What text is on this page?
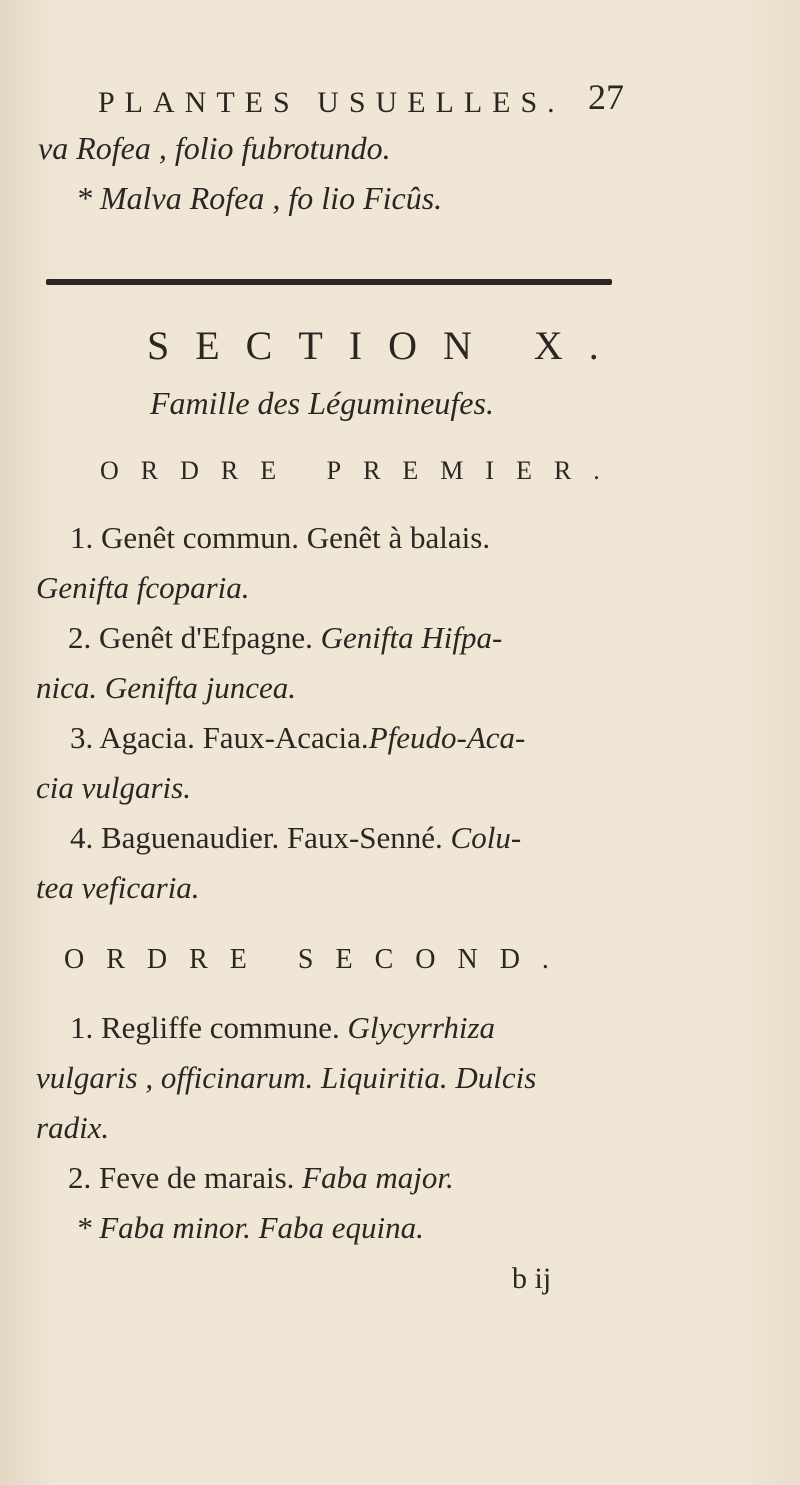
PLANTES USUELLES. 27
va Rofea , folio fubrotundo.
* Malva Rofea , fo lio Ficûs.
SECTION X.
Famille des Légumineufes.
ORDRE PREMIER.
1. Genêt commun. Genêt à balais.
Genifta fcoparia.
2. Genêt d'Efpagne. Genifta Hifpa-
nica. Genifta juncea.
3. Agacia. Faux-Acacia.Pfeudo-Aca-
cia vulgaris.
4. Baguenaudier. Faux-Senné. Colu-
tea veficaria.
ORDRE SECOND.
1. Regliffe commune. Glycyrrhiza
vulgaris , officinarum. Liquiritia. Dulcis
radix.
2. Feve de marais. Faba major.
* Faba minor. Faba equina.
b ij
